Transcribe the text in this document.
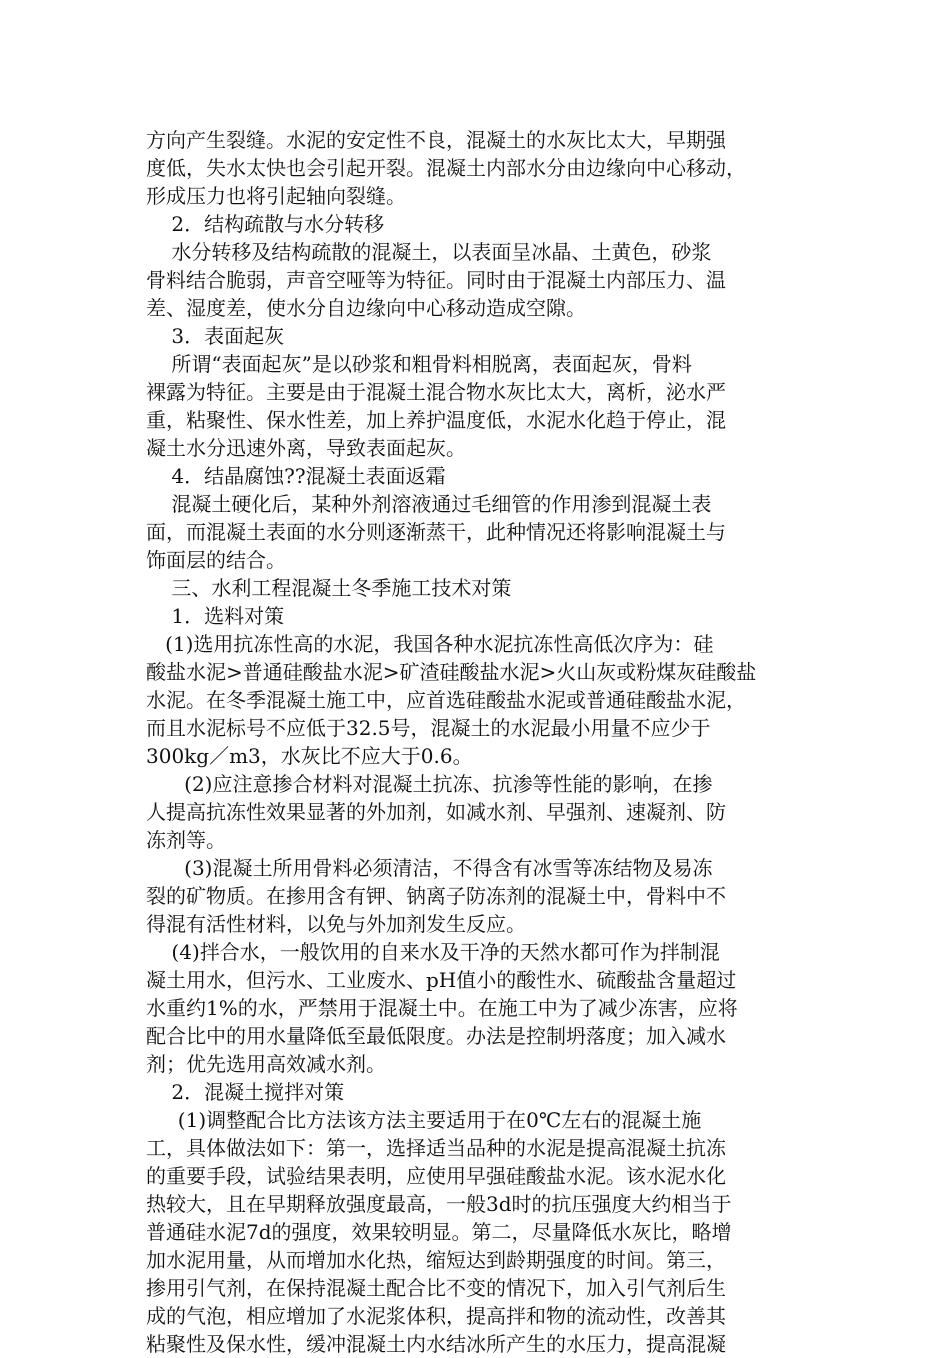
方向产生裂缝。水泥的安定性不良，混凝土的水灰比太大，早期强
度低，失水太快也会引起开裂。混凝土内部水分由边缘向中心移动，
形成压力也将引起轴向裂缝。
2．结构疏散与水分转移
水分转移及结构疏散的混凝土，以表面呈冰晶、土黄色，砂浆
骨料结合脆弱，声音空哑等为特征。同时由于混凝土内部压力、温
差、湿度差，使水分自边缘向中心移动造成空隙。
3．表面起灰
所谓“表面起灰”是以砂浆和粗骨料相脱离，表面起灰，骨料
裸露为特征。主要是由于混凝土混合物水灰比太大，离析，泌水严
重，粘聚性、保水性差，加上养护温度低，水泥水化趋于停止，混
凝土水分迅速外离，导致表面起灰。
4．结晶腐蚀??混凝土表面返霜
混凝土硬化后，某种外剂溶液通过毛细管的作用渗到混凝土表
面，而混凝土表面的水分则逐渐蒸干，此种情况还将影响混凝土与
饰面层的结合。
三、水利工程混凝土冬季施工技术对策
1．选料对策
(1)选用抗冻性高的水泥，我国各种水泥抗冻性高低次序为：硅
酸盐水泥>普通硅酸盐水泥>矿渣硅酸盐水泥>火山灰或粉煤灰硅酸盐
水泥。在冬季混凝土施工中，应首选硅酸盐水泥或普通硅酸盐水泥，
而且水泥标号不应低于32.5号，混凝土的水泥最小用量不应少于
300kg／m3，水灰比不应大于0.6。
(2)应注意掺合材料对混凝土抗冻、抗渗等性能的影响，在掺
人提高抗冻性效果显著的外加剂，如减水剂、早强剂、速凝剂、防
冻剂等。
(3)混凝土所用骨料必须清洁，不得含有冰雪等冻结物及易冻
裂的矿物质。在掺用含有钾、钠离子防冻剂的混凝土中，骨料中不
得混有活性材料，以免与外加剂发生反应。
(4)拌合水，一般饮用的自来水及干净的天然水都可作为拌制混
凝土用水，但污水、工业废水、pH值小的酸性水、硫酸盐含量超过
水重约1%的水，严禁用于混凝土中。在施工中为了减少冻害，应将
配合比中的用水量降低至最低限度。办法是控制坍落度；加入减水
剂；优先选用高效减水剂。
2．混凝土搅拌对策
(1)调整配合比方法该方法主要适用于在0℃左右的混凝土施
工，具体做法如下：第一，选择适当品种的水泥是提高混凝土抗冻
的重要手段，试验结果表明，应使用早强硅酸盐水泥。该水泥水化
热较大，且在早期释放强度最高，一般3d时的抗压强度大约相当于
普通硅水泥7d的强度，效果较明显。第二，尽量降低水灰比，略增
加水泥用量，从而增加水化热，缩短达到龄期强度的时间。第三，
掺用引气剂，在保持混凝土配合比不变的情况下，加入引气剂后生
成的气泡，相应增加了水泥浆体积，提高拌和物的流动性，改善其
粘聚性及保水性，缓冲混凝土内水结冰所产生的水压力，提高混凝
